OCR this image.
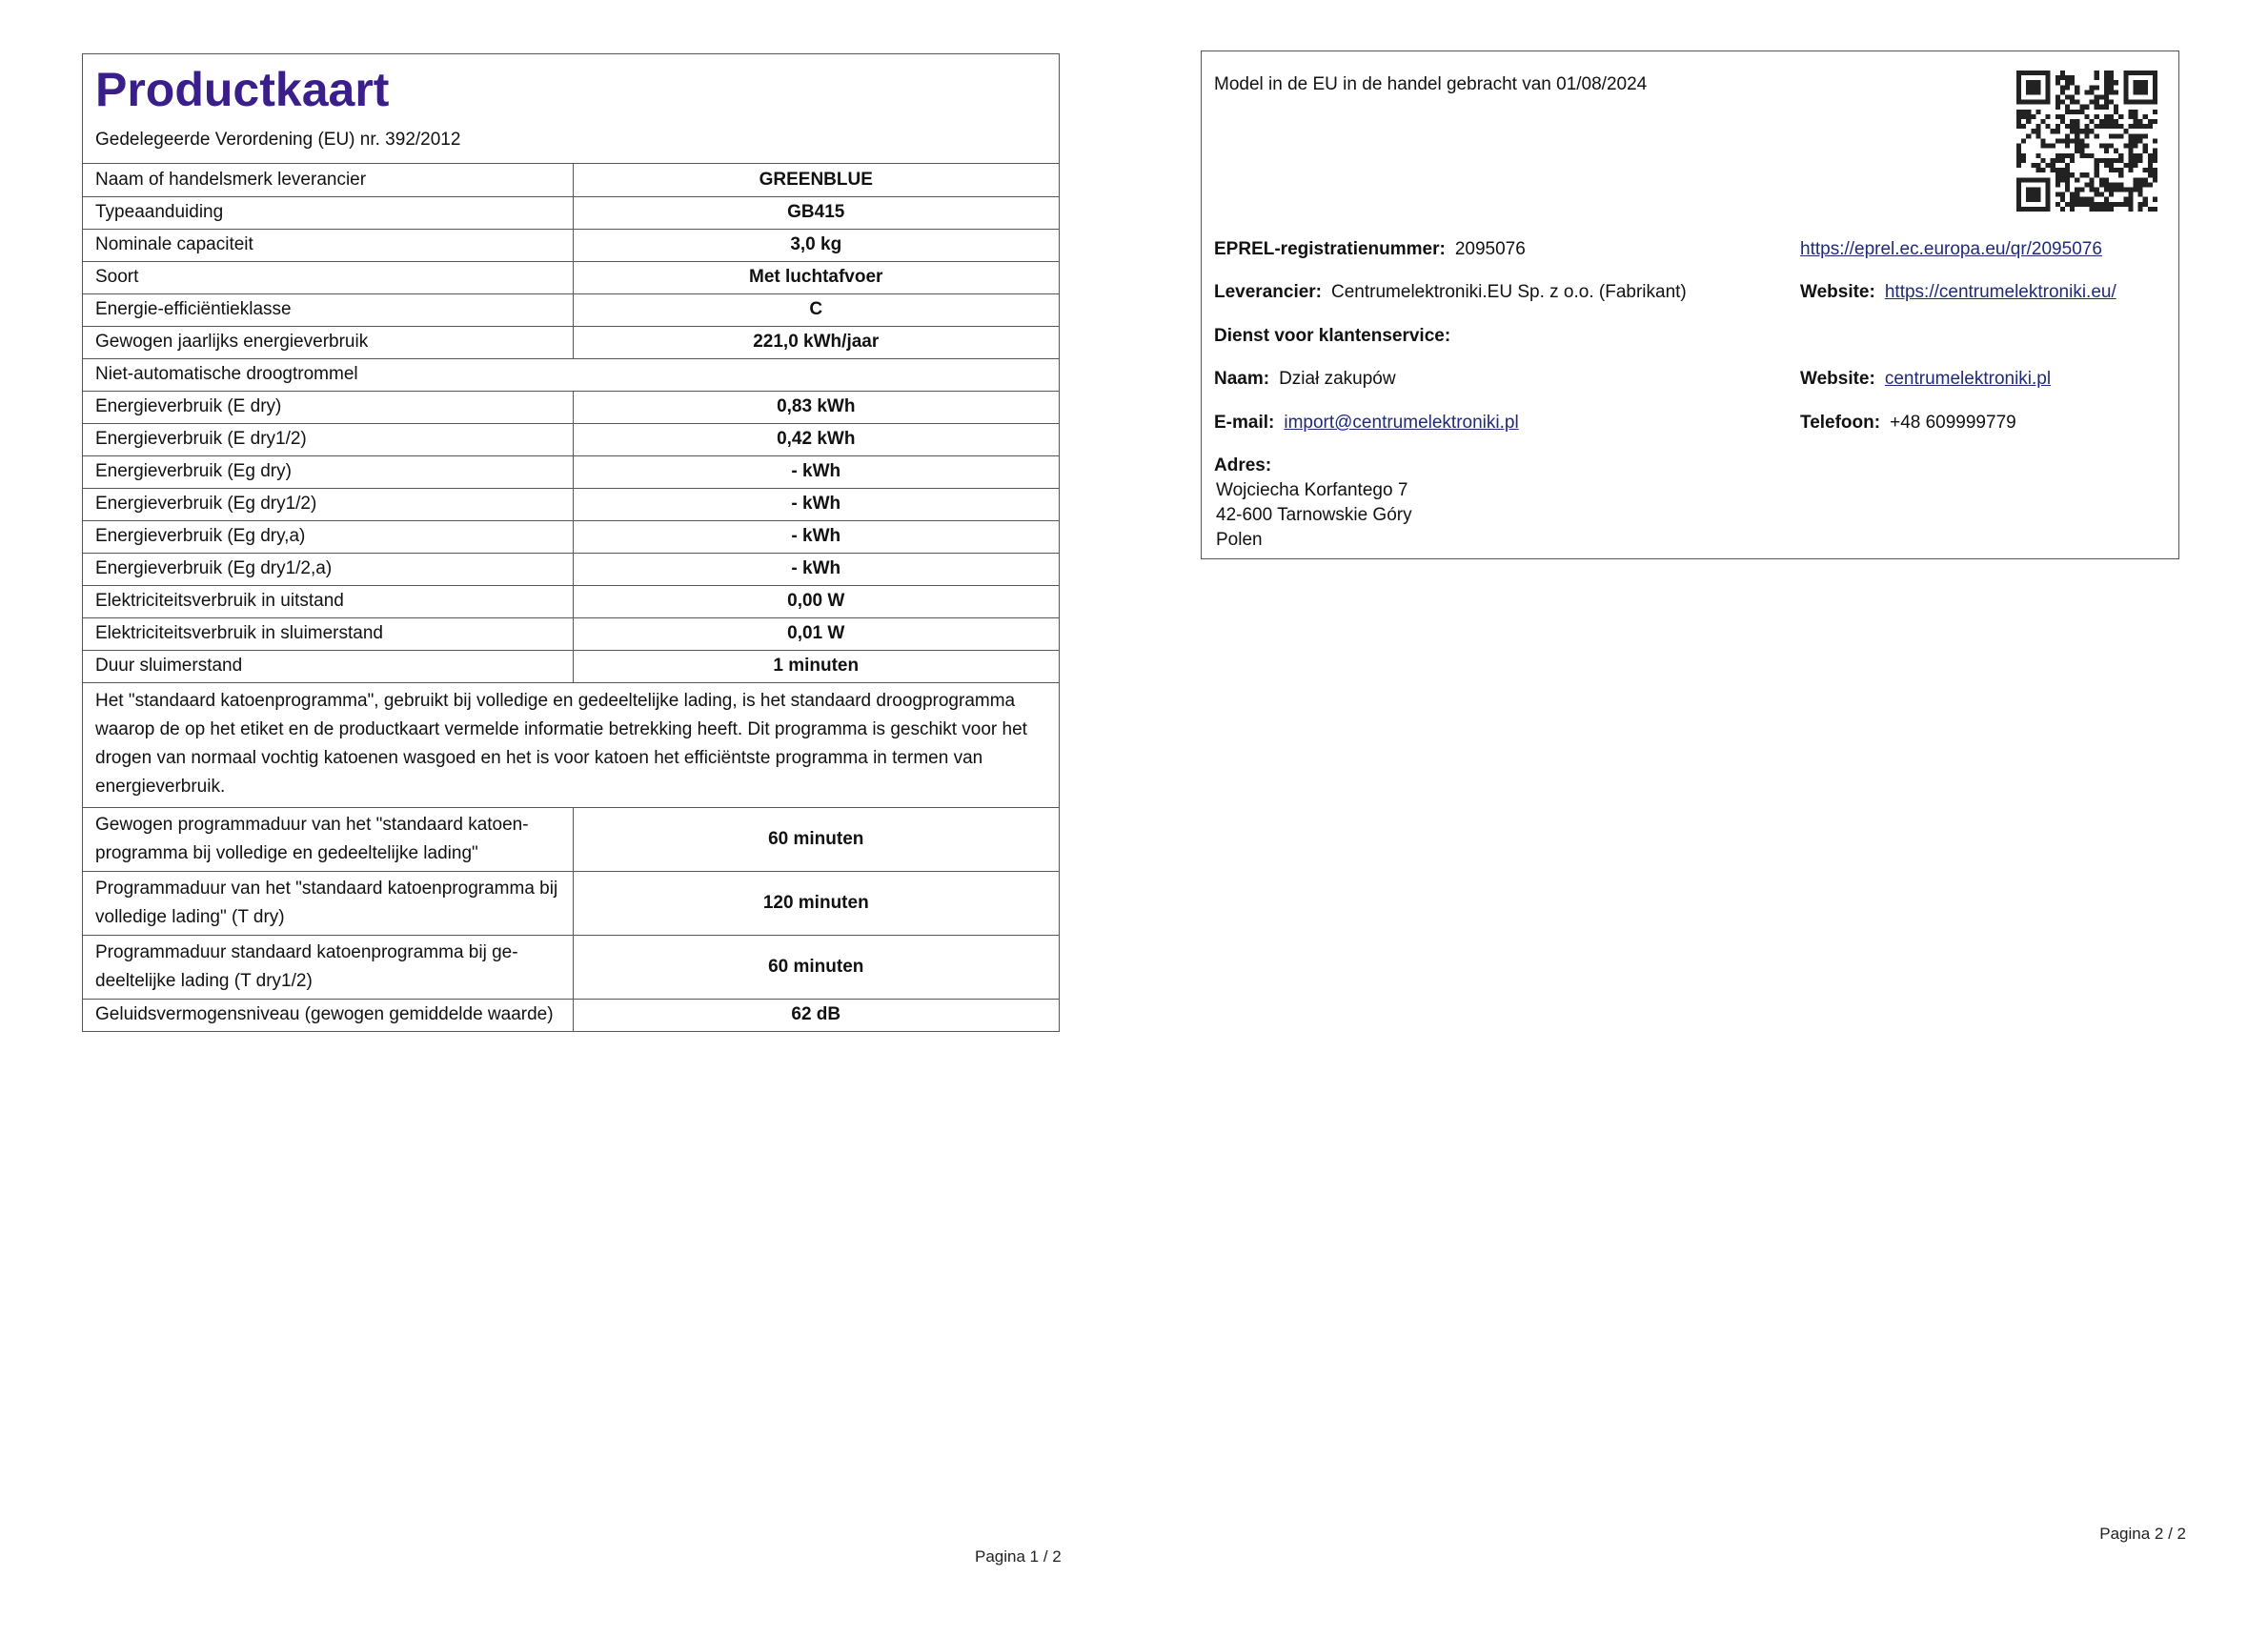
Productkaart
Gedelegeerde Verordening (EU) nr. 392/2012
Naam of handelsmerk leverancier	GREENBLUE
Typeaanduiding	GB415
Nominale capaciteit	3,0 kg
Soort	Met luchtafvoer
Energie-efficiëntieklasse	C
Gewogen jaarlijks energieverbruik	221,0 kWh/jaar
Niet-automatische droogtrommel	
Energieverbruik (E dry)	0,83 kWh
Energieverbruik (E dry1/2)	0,42 kWh
Energieverbruik (Eg dry)	- kWh
Energieverbruik (Eg dry1/2)	- kWh
Energieverbruik (Eg dry,a)	- kWh
Energieverbruik (Eg dry1/2,a)	- kWh
Elektriciteitsverbruik in uitstand	0,00 W
Elektriciteitsverbruik in sluimerstand	0,01 W
Duur sluimerstand	1 minuten
Het "standaard katoenprogramma", gebruikt bij volledige en gedeeltelijke lading, is het standaard droogprogramma waarop de op het etiket en de productkaart vermelde informatie betrekking heeft. Dit programma is geschikt voor het drogen van normaal vochtig katoenen wasgoed en het is voor katoen het efficiëntste programma in termen van energieverbruik.	
Gewogen programmaduur van het "standaard katoen-programma bij volledige en gedeeltelijke lading"	60 minuten
Programmaduur van het "standaard katoenprogramma bij volledige lading" (T dry)	120 minuten
Programmaduur standaard katoenprogramma bij ge-deeltelijke lading (T dry1/2)	60 minuten
Geluidsvermogensniveau (gewogen gemiddelde waarde)	62 dB
Pagina 1 / 2
Model in de EU in de handel gebracht van 01/08/2024
EPREL-registratienummer: 2095076	https://eprel.ec.europa.eu/qr/2095076
Leverancier: Centrumelektroniki.EU Sp. z o.o. (Fabrikant)	Website: https://centrumelektroniki.eu/
Dienst voor klantenservice:
Naam: Dział zakupów	Website: centrumelektroniki.pl
E-mail: import@centrumelektroniki.pl	Telefoon: +48 609999779
Adres:
Wojciecha Korfantego 7
42-600 Tarnowskie Góry
Polen
Pagina 2 / 2
